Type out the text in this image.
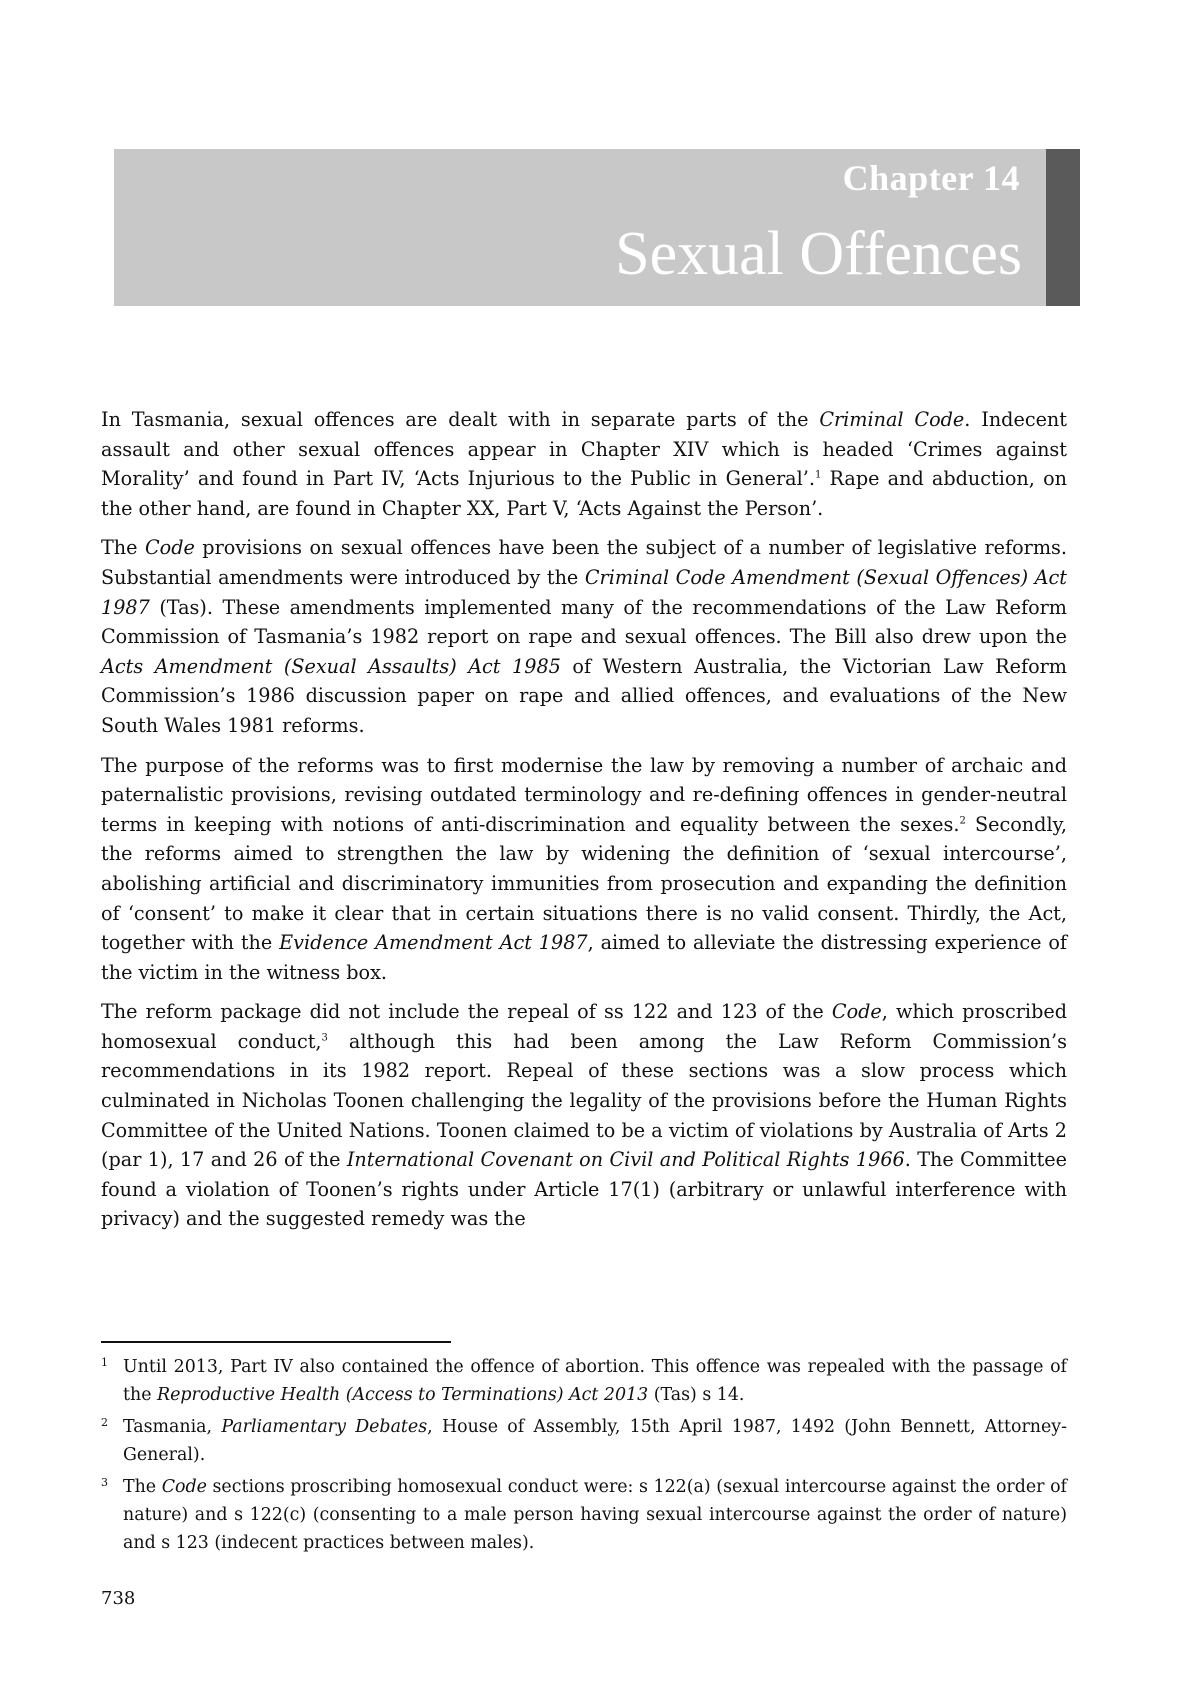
Chapter 14
Sexual Offences

In Tasmania, sexual offences are dealt with in separate parts of the Criminal Code. Indecent assault and other sexual offences appear in Chapter XIV which is headed ‘Crimes against Morality’ and found in Part IV, ‘Acts Injurious to the Public in General’.$^1$ Rape and abduction, on the other hand, are found in Chapter XX, Part V, ‘Acts Against the Person’.

The Code provisions on sexual offences have been the subject of a number of legislative reforms. Substantial amendments were introduced by the Criminal Code Amendment (Sexual Offences) Act 1987 (Tas). These amendments implemented many of the recommendations of the Law Reform Commission of Tasmania’s 1982 report on rape and sexual offences. The Bill also drew upon the Acts Amendment (Sexual Assaults) Act 1985 of Western Australia, the Victorian Law Reform Commission’s 1986 discussion paper on rape and allied offences, and evaluations of the New South Wales 1981 reforms.

The purpose of the reforms was to first modernise the law by removing a number of archaic and paternalistic provisions, revising outdated terminology and re-defining offences in gender-neutral terms in keeping with notions of anti-discrimination and equality between the sexes.$^2$ Secondly, the reforms aimed to strengthen the law by widening the definition of ‘sexual intercourse’, abolishing artificial and discriminatory immunities from prosecution and expanding the definition of ‘consent’ to make it clear that in certain situations there is no valid consent. Thirdly, the Act, together with the Evidence Amendment Act 1987, aimed to alleviate the distressing experience of the victim in the witness box.

The reform package did not include the repeal of ss 122 and 123 of the Code, which proscribed homosexual conduct,$^3$ although this had been among the Law Reform Commission’s recommendations in its 1982 report. Repeal of these sections was a slow process which culminated in Nicholas Toonen challenging the legality of the provisions before the Human Rights Committee of the United Nations. Toonen claimed to be a victim of violations by Australia of Arts 2 (par 1), 17 and 26 of the International Covenant on Civil and Political Rights 1966. The Committee found a violation of Toonen’s rights under Article 17(1) (arbitrary or unlawful interference with privacy) and the suggested remedy was the

1 Until 2013, Part IV also contained the offence of abortion. This offence was repealed with the passage of the Reproductive Health (Access to Terminations) Act 2013 (Tas) s 14.
2 Tasmania, Parliamentary Debates, House of Assembly, 15th April 1987, 1492 (John Bennett, Attorney-General).
3 The Code sections proscribing homosexual conduct were: s 122(a) (sexual intercourse against the order of nature) and s 122(c) (consenting to a male person having sexual intercourse against the order of nature) and s 123 (indecent practices between males).
738
